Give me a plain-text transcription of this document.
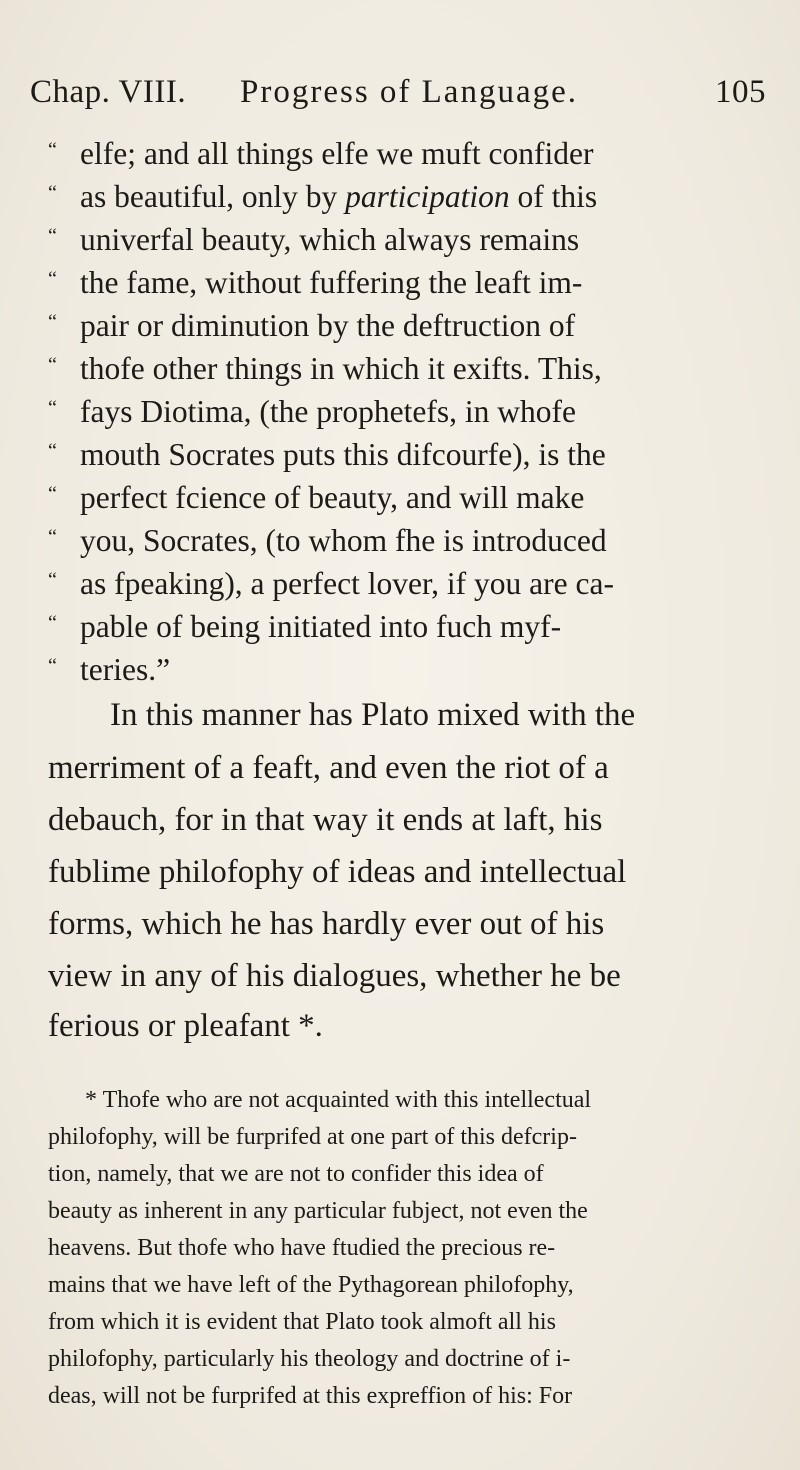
Chap. VIII. Progress of Language.	105
“ elfe; and all things elfe we muft confider
“ as beautiful, only by participation of this
“ univerfal beauty, which always remains
“ the fame, without fuffering the leaft im-
“ pair or diminution by the deftruction of
“ thofe other things in which it exifts. This,
“ fays Diotima, (the prophetefs, in whofe
“ mouth Socrates puts this difcourfe), is the
“ perfect fcience of beauty, and will make
“ you, Socrates, (to whom fhe is introduced
“ as fpeaking), a perfect lover, if you are ca-
“ pable of being initiated into fuch myf-
“ teries.”
In this manner has Plato mixed with the
merriment of a feaft, and even the riot of a
debauch, for in that way it ends at laft, his
fublime philofophy of ideas and intellectual
forms, which he has hardly ever out of his
view in any of his dialogues, whether he be
ferious or pleafant *.
* Thofe who are not acquainted with this intellectual
philofophy, will be furprifed at one part of this defcrip-
tion, namely, that we are not to confider this idea of
beauty as inherent in any particular fubject, not even the
heavens. But thofe who have ftudied the precious re-
mains that we have left of the Pythagorean philofophy,
from which it is evident that Plato took almoft all his
philofophy, particularly his theology and doctrine of i-
deas, will not be furprifed at this expreffion of his: For
